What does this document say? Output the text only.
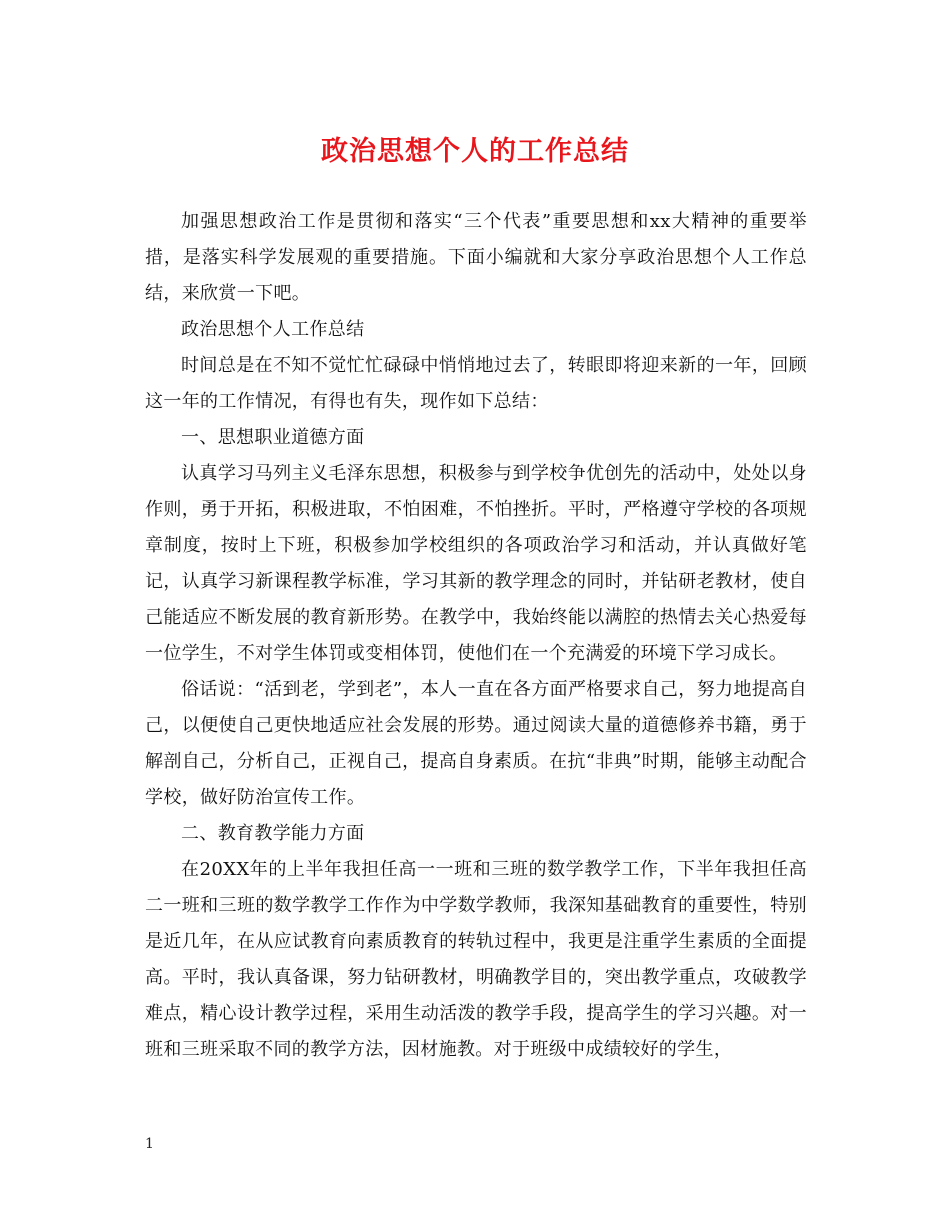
政治思想个人的工作总结

加强思想政治工作是贯彻和落实“三个代表”重要思想和xx大精神的重要举措，是落实科学发展观的重要措施。下面小编就和大家分享政治思想个人工作总结，来欣赏一下吧。

政治思想个人工作总结

时间总是在不知不觉忙忙碌碌中悄悄地过去了，转眼即将迎来新的一年，回顾这一年的工作情况，有得也有失，现作如下总结：

一、思想职业道德方面

认真学习马列主义毛泽东思想，积极参与到学校争优创先的活动中，处处以身作则，勇于开拓，积极进取，不怕困难，不怕挫折。平时，严格遵守学校的各项规章制度，按时上下班，积极参加学校组织的各项政治学习和活动，并认真做好笔记，认真学习新课程教学标准，学习其新的教学理念的同时，并钻研老教材，使自己能适应不断发展的教育新形势。在教学中，我始终能以满腔的热情去关心热爱每一位学生，不对学生体罚或变相体罚，使他们在一个充满爱的环境下学习成长。

俗话说：“活到老，学到老”，本人一直在各方面严格要求自己，努力地提高自己，以便使自己更快地适应社会发展的形势。通过阅读大量的道德修养书籍，勇于解剖自己，分析自己，正视自己，提高自身素质。在抗“非典”时期，能够主动配合学校，做好防治宣传工作。

二、教育教学能力方面

在20XX年的上半年我担任高一一班和三班的数学教学工作，下半年我担任高二一班和三班的数学教学工作作为中学数学教师，我深知基础教育的重要性，特别是近几年，在从应试教育向素质教育的转轨过程中，我更是注重学生素质的全面提高。平时，我认真备课，努力钻研教材，明确教学目的，突出教学重点，攻破教学难点，精心设计教学过程，采用生动活泼的教学手段，提高学生的学习兴趣。对一班和三班采取不同的教学方法，因材施教。对于班级中成绩较好的学生，

1
